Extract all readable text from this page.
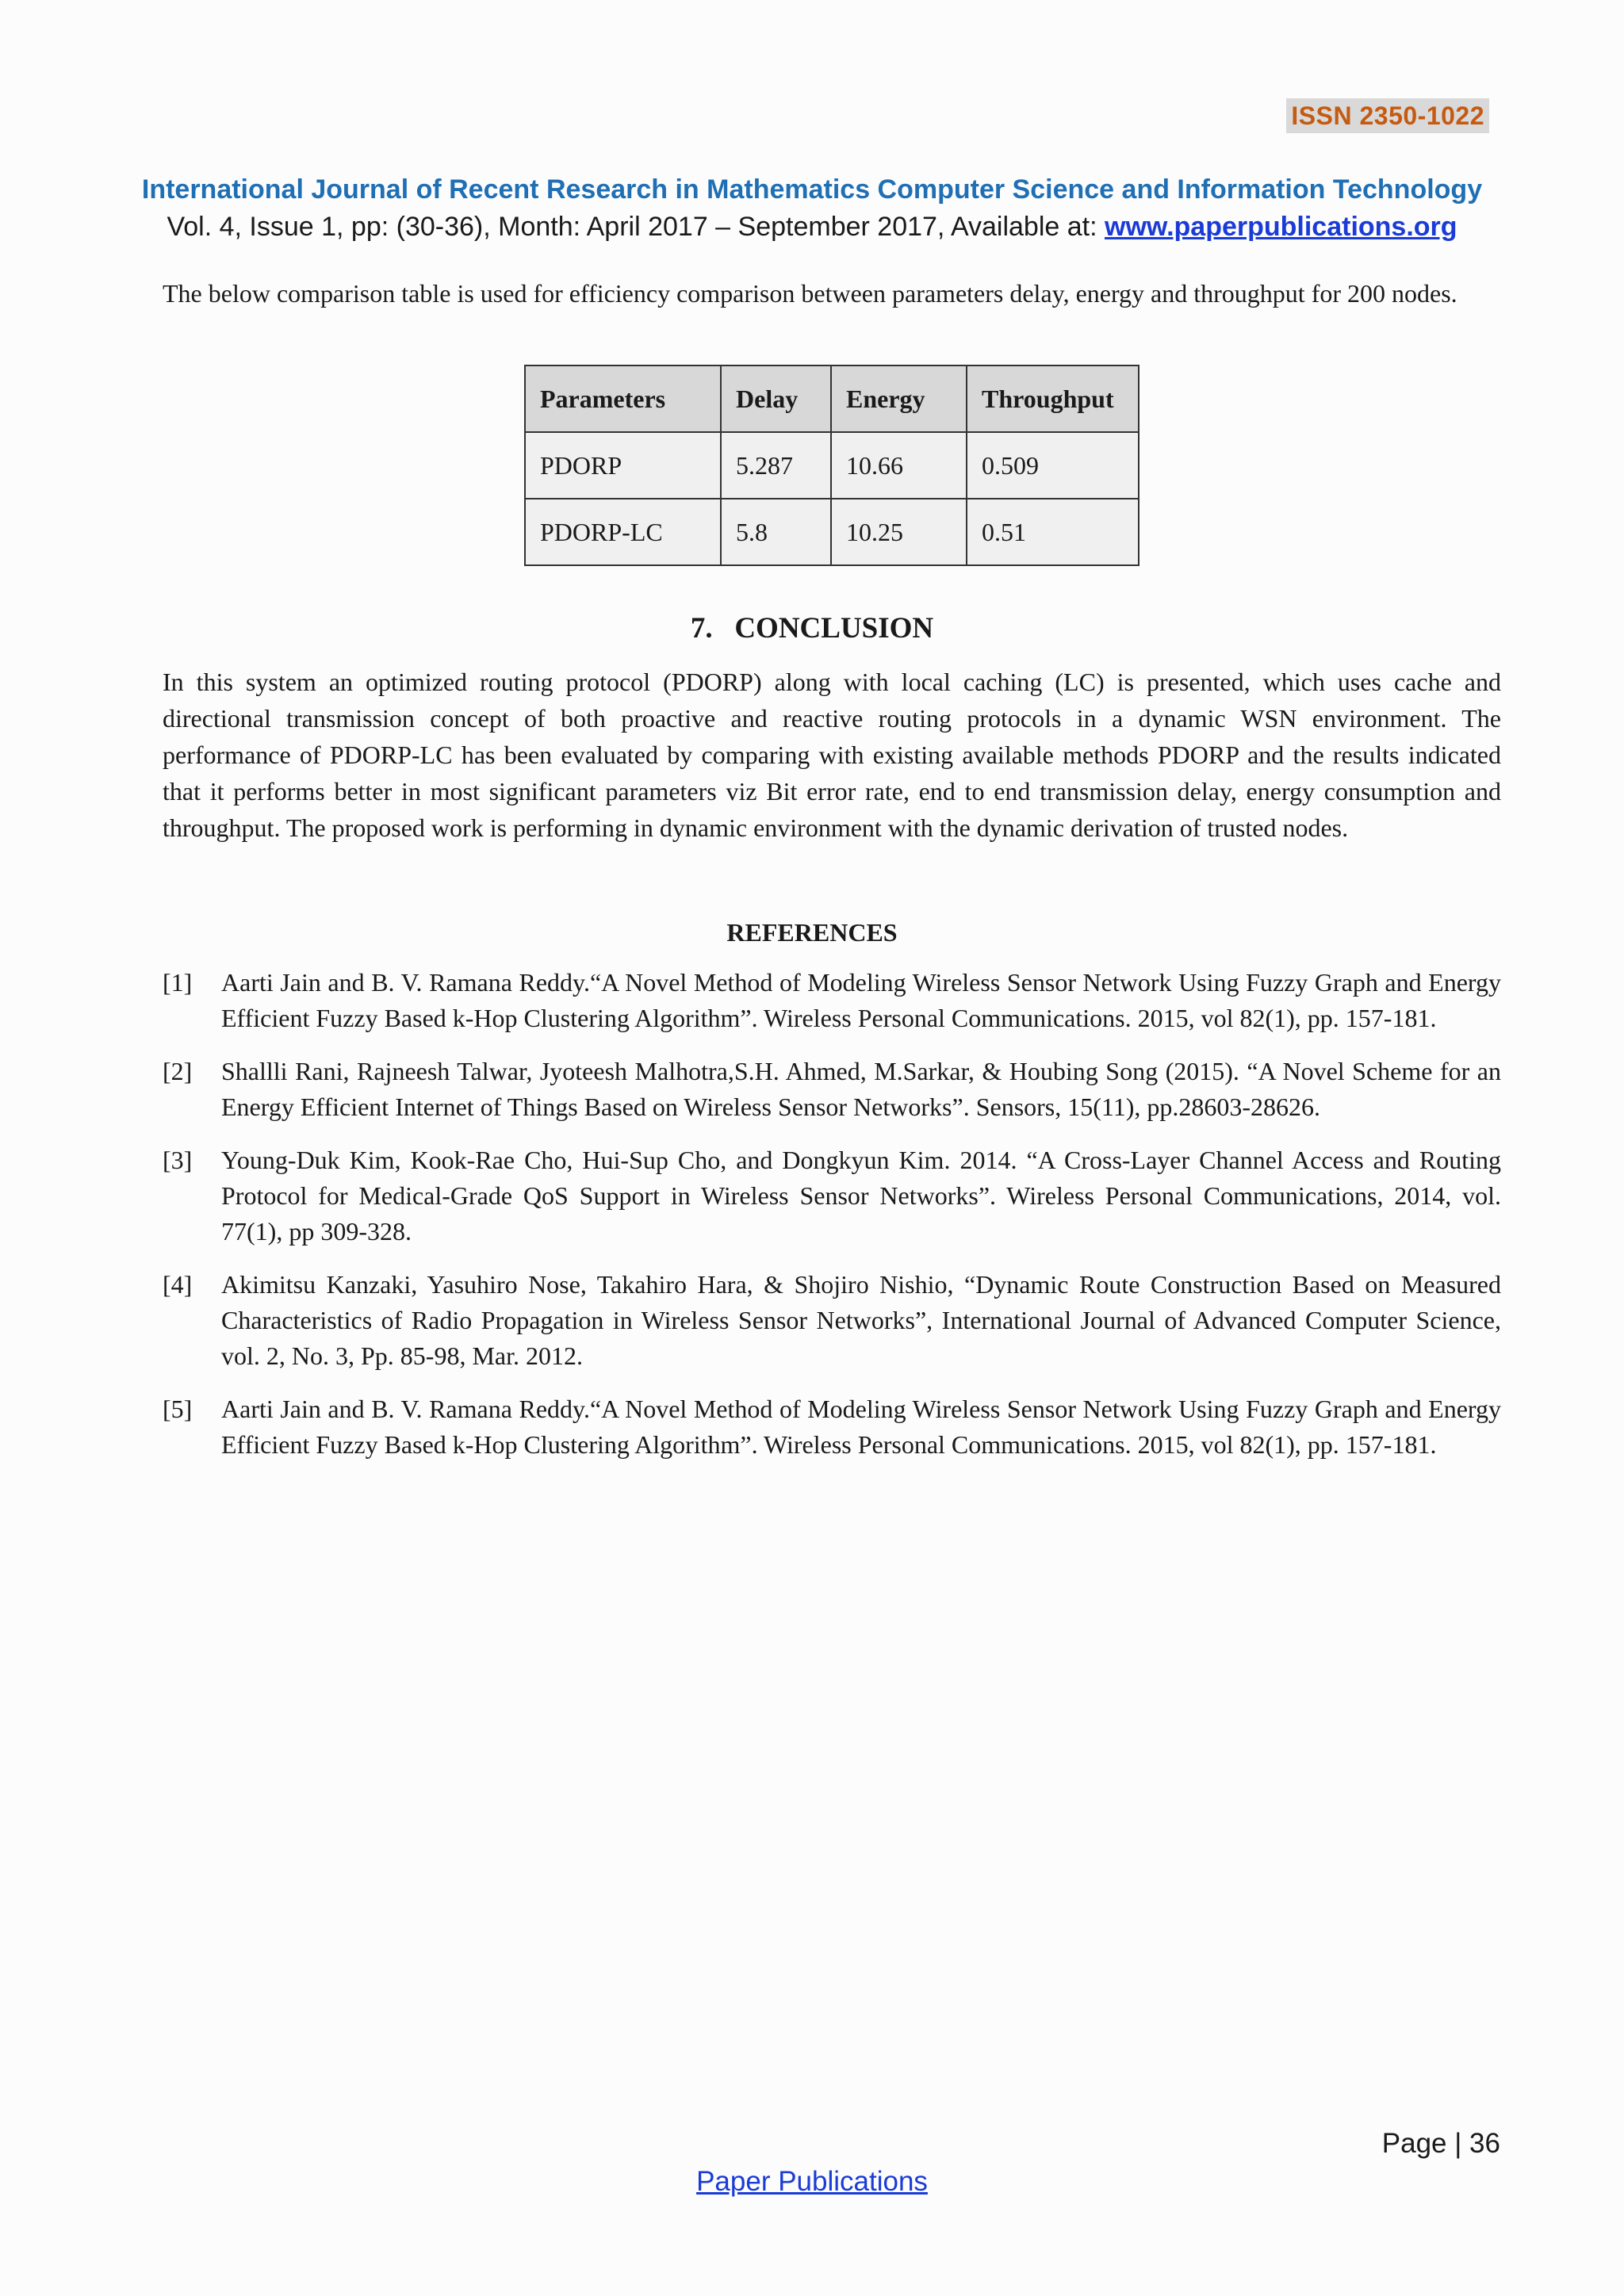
ISSN 2350-1022
International Journal of Recent Research in Mathematics Computer Science and Information Technology
Vol. 4, Issue 1, pp: (30-36), Month: April 2017 – September 2017, Available at: www.paperpublications.org

The below comparison table is used for efficiency comparison between parameters delay, energy and throughput for 200 nodes.

Parameters	Delay	Energy	Throughput
PDORP	5.287	10.66	0.509
PDORP-LC	5.8	10.25	0.51
7.   CONCLUSION

In this system an optimized routing protocol (PDORP) along with local caching (LC) is presented, which uses cache and directional transmission concept of both proactive and reactive routing protocols in a dynamic WSN environment. The performance of PDORP-LC has been evaluated by comparing with existing available methods PDORP and the results indicated that it performs better in most significant parameters viz Bit error rate, end to end transmission delay, energy consumption and throughput. The proposed work is performing in dynamic environment with the dynamic derivation of trusted nodes.

REFERENCES
[1]	Aarti Jain and B. V. Ramana Reddy.“A Novel Method of Modeling Wireless Sensor Network Using Fuzzy Graph and Energy Efficient Fuzzy Based k-Hop Clustering Algorithm”. Wireless Personal Communications. 2015, vol 82(1), pp. 157-181.
[2]	Shallli Rani, Rajneesh Talwar, Jyoteesh Malhotra,S.H. Ahmed, M.Sarkar, & Houbing Song (2015). “A Novel Scheme for an Energy Efficient Internet of Things Based on Wireless Sensor Networks”. Sensors, 15(11), pp.28603-28626.
[3]	Young-Duk Kim, Kook-Rae Cho, Hui-Sup Cho, and Dongkyun Kim. 2014. “A Cross-Layer Channel Access and Routing Protocol for Medical-Grade QoS Support in Wireless Sensor Networks”. Wireless Personal Communications, 2014, vol. 77(1), pp 309-328.
[4]	Akimitsu Kanzaki, Yasuhiro Nose, Takahiro Hara, & Shojiro Nishio, “Dynamic Route Construction Based on Measured Characteristics of Radio Propagation in Wireless Sensor Networks”, International Journal of Advanced Computer Science, vol. 2, No. 3, Pp. 85-98, Mar. 2012.
[5]	Aarti Jain and B. V. Ramana Reddy.“A Novel Method of Modeling Wireless Sensor Network Using Fuzzy Graph and Energy Efficient Fuzzy Based k-Hop Clustering Algorithm”. Wireless Personal Communications. 2015, vol 82(1), pp. 157-181.
Page | 36
Paper Publications
